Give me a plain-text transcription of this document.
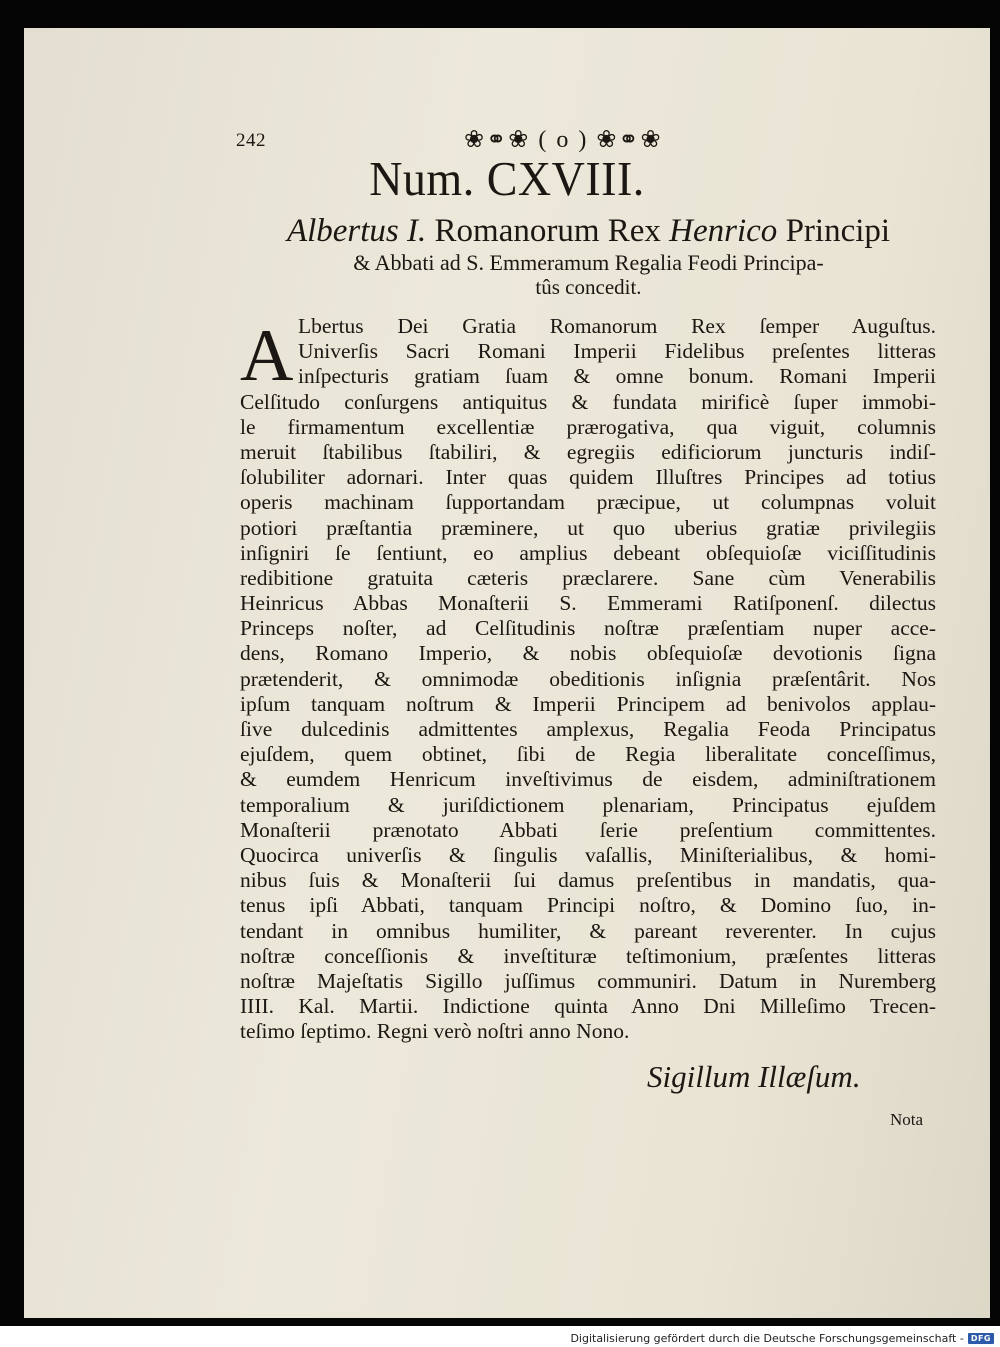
242	❀⚭❀ ( o ) ❀⚭❀
Num. CXVIII.
Albertus I. Romanorum Rex Henrico Principi
& Abbati ad S. Emmeramum Regalia Feodi Principa-
tûs concedit.
A Lbertus Dei Gratia Romanorum Rex ſemper Auguſtus.
Univerſis Sacri Romani Imperii Fidelibus preſentes litteras
inſpecturis gratiam ſuam & omne bonum. Romani Imperii
Celſitudo conſurgens antiquitus & fundata mirificè ſuper immobi-
le firmamentum excellentiæ prærogativa, qua viguit, columnis
meruit ſtabilibus ſtabiliri, & egregiis edificiorum juncturis indiſ-
ſolubiliter adornari. Inter quas quidem Illuſtres Principes ad totius
operis machinam ſupportandam præcipue, ut columpnas voluit
potiori præſtantia præminere, ut quo uberius gratiæ privilegiis
inſigniri ſe ſentiunt, eo amplius debeant obſequioſæ viciſſitudinis
redibitione gratuita cæteris præclarere. Sane cùm Venerabilis
Heinricus Abbas Monaſterii S. Emmerami Ratiſponenſ. dilectus
Princeps noſter, ad Celſitudinis noſtræ præſentiam nuper acce-
dens, Romano Imperio, & nobis obſequioſæ devotionis ſigna
prætenderit, & omnimodæ obeditionis inſignia præſentârit. Nos
ipſum tanquam noſtrum & Imperii Principem ad benivolos applau-
ſive dulcedinis admittentes amplexus, Regalia Feoda Principatus
ejuſdem, quem obtinet, ſibi de Regia liberalitate conceſſimus,
& eumdem Henricum inveſtivimus de eisdem, adminiſtrationem
temporalium & juriſdictionem plenariam, Principatus ejuſdem
Monaſterii prænotato Abbati ſerie preſentium committentes.
Quocirca univerſis & ſingulis vaſallis, Miniſterialibus, & homi-
nibus ſuis & Monaſterii ſui damus preſentibus in mandatis, qua-
tenus ipſi Abbati, tanquam Principi noſtro, & Domino ſuo, in-
tendant in omnibus humiliter, & pareant reverenter. In cujus
noſtræ conceſſionis & inveſtituræ teſtimonium, præſentes litteras
noſtræ Majeſtatis Sigillo juſſimus communiri. Datum in Nuremberg
IIII. Kal. Martii. Indictione quinta Anno Dni Milleſimo Trecen-
teſimo ſeptimo. Regni verò noſtri anno Nono.
Sigillum Illæſum.
Nota
Digitalisierung gefördert durch die Deutsche Forschungsgemeinschaft - DFG
